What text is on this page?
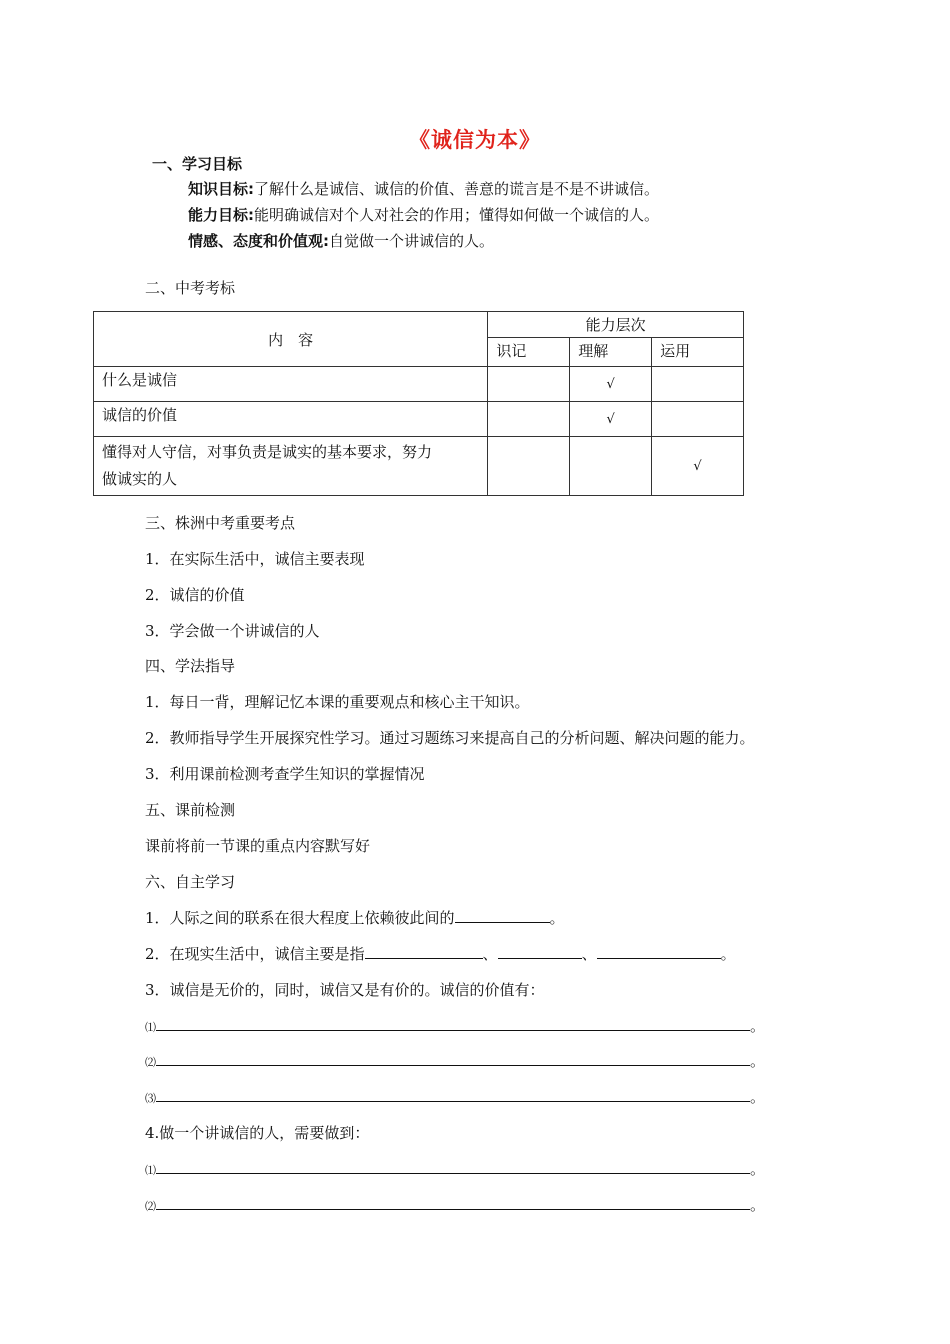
《诚信为本》
一、学习目标
知识目标:了解什么是诚信、诚信的价值、善意的谎言是不是不讲诚信。
能力目标:能明确诚信对个人对社会的作用；懂得如何做一个诚信的人。
情感、态度和价值观:自觉做一个讲诚信的人。
二、中考考标
内　容	能力层次		
	识记	理解	运用
什么是诚信		√	
诚信的价值		√	
懂得对人守信，对事负责是诚实的基本要求，努力
做诚实的人			√
三、株洲中考重要考点
1．在实际生活中，诚信主要表现
2．诚信的价值
3．学会做一个讲诚信的人
四、学法指导
1．每日一背，理解记忆本课的重要观点和核心主干知识。
2．教师指导学生开展探究性学习。通过习题练习来提高自己的分析问题、解决问题的能力。
3．利用课前检测考查学生知识的掌握情况
五、课前检测
课前将前一节课的重点内容默写好
六、自主学习
1．人际之间的联系在很大程度上依赖彼此间的	。
2．在现实生活中，诚信主要是指	、	、	。
3．诚信是无价的，同时，诚信又是有价的。诚信的价值有：
⑴	。
⑵	。
⑶	。
4.做一个讲诚信的人，需要做到：
⑴	。
⑵	。
